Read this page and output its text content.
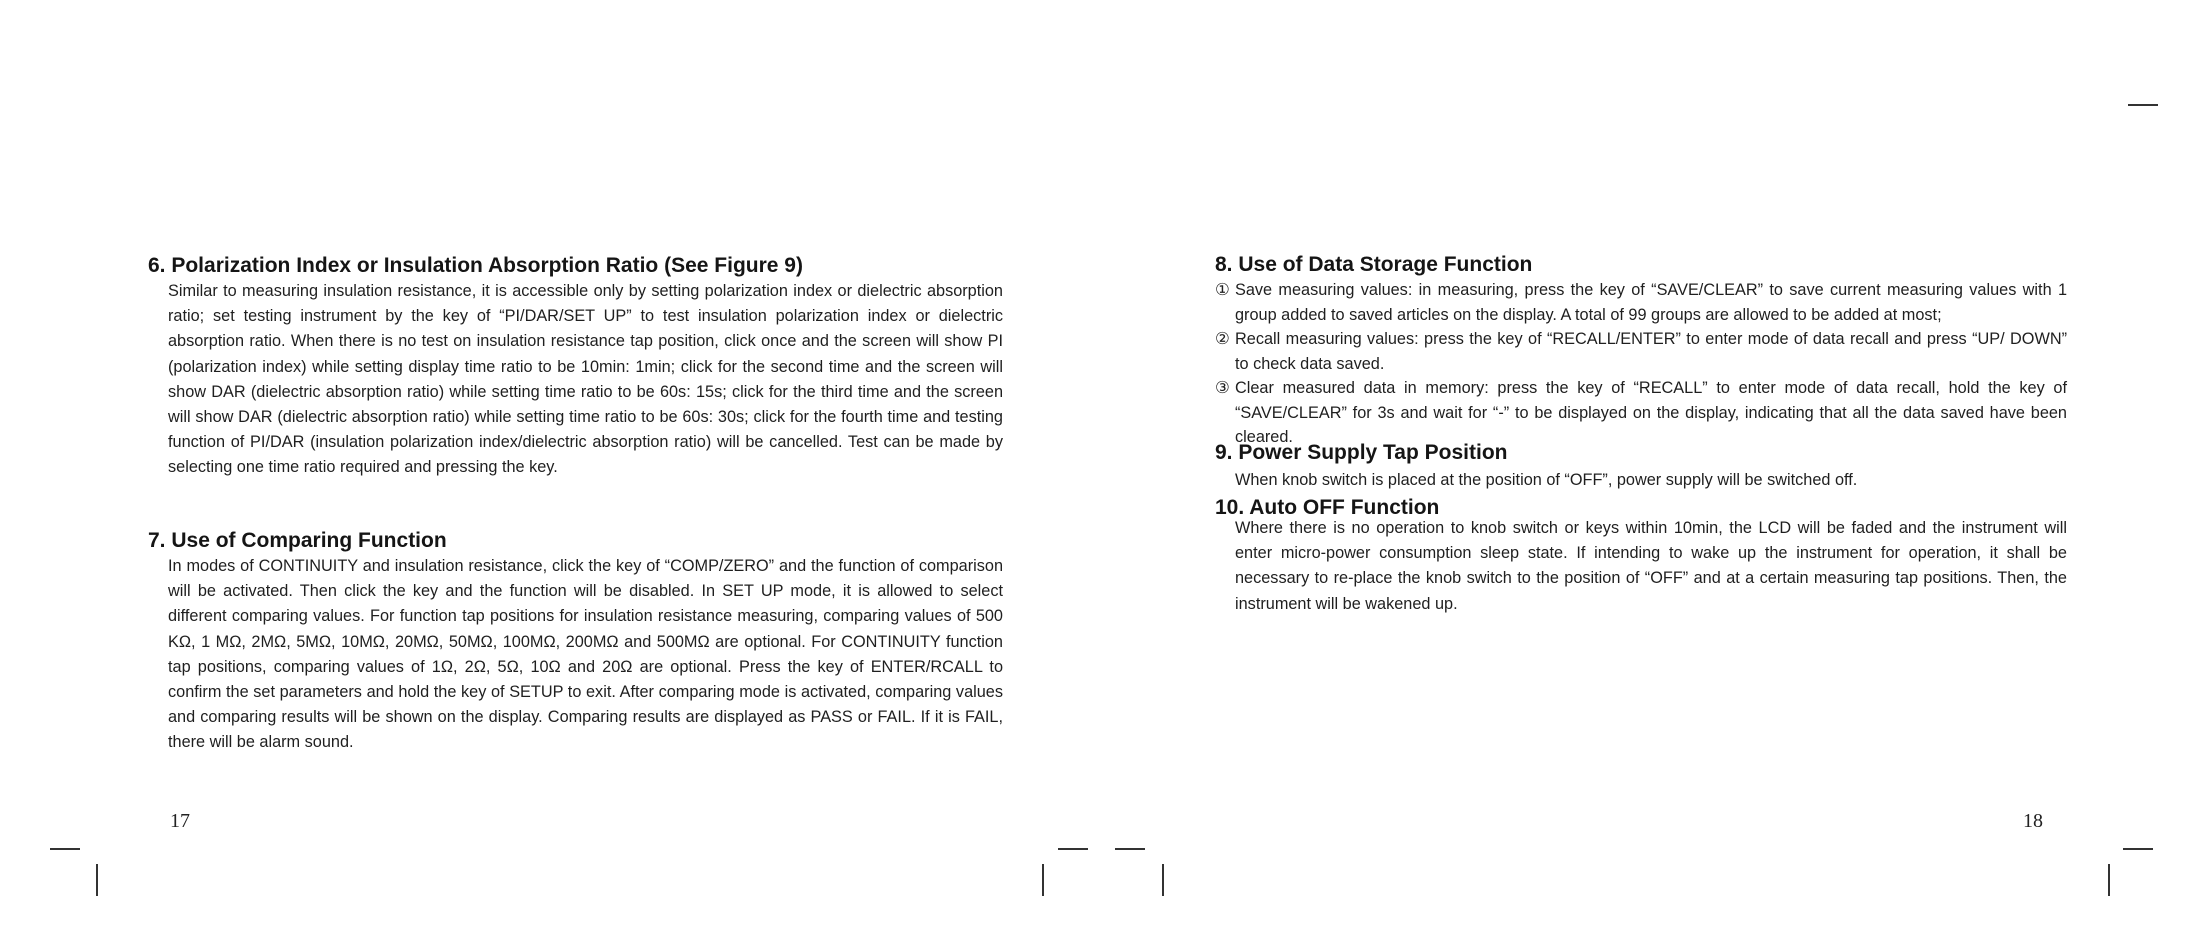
6. Polarization Index or Insulation Absorption Ratio (See Figure 9)

Similar to measuring insulation resistance, it is accessible only by setting polarization index or dielectric absorption ratio; set testing instrument by the key of “PI/DAR/SET UP” to test insulation polarization index or dielectric absorption ratio. When there is no test on insulation resistance tap position, click once and the screen will show PI (polarization index) while setting display time ratio to be 10min: 1min; click for the second time and the screen will show DAR (dielectric absorption ratio) while setting time ratio to be 60s: 15s; click for the third time and the screen will show DAR (dielectric absorption ratio) while setting time ratio to be 60s: 30s; click for the fourth time and testing function of PI/DAR (insulation polarization index/dielectric absorption ratio) will be cancelled. Test can be made by selecting one time ratio required and pressing the key.

7. Use of Comparing Function

In modes of CONTINUITY and insulation resistance, click the key of “COMP/ZERO” and the function of comparison will be activated. Then click the key and the function will be disabled. In SET UP mode, it is allowed to select different comparing values. For function tap positions for insulation resistance measuring, comparing values of 500 KΩ, 1 MΩ, 2MΩ, 5MΩ, 10MΩ, 20MΩ, 50MΩ, 100MΩ, 200MΩ and 500MΩ are optional. For CONTINUITY function tap positions, comparing values of 1Ω, 2Ω, 5Ω, 10Ω and 20Ω are optional. Press the key of ENTER/RCALL to confirm the set parameters and hold the key of SETUP to exit. After comparing mode is activated, comparing values and comparing results will be shown on the display. Comparing results are displayed as PASS or FAIL. If it is FAIL, there will be alarm sound.

17
8. Use of Data Storage Function
① Save measuring values: in measuring, press the key of “SAVE/CLEAR” to save current measuring values with 1 group added to saved articles on the display. A total of 99 groups are allowed to be added at most;
② Recall measuring values: press the key of “RECALL/ENTER” to enter mode of data recall and press “UP/ DOWN” to check data saved.
③ Clear measured data in memory: press the key of “RECALL” to enter mode of data recall, hold the key of “SAVE/CLEAR” for 3s and wait for “-” to be displayed on the display, indicating that all the data saved have been cleared.
9. Power Supply Tap Position

When knob switch is placed at the position of “OFF”, power supply will be switched off.

10. Auto OFF Function

Where there is no operation to knob switch or keys within 10min, the LCD will be faded and the instrument will enter micro-power consumption sleep state. If intending to wake up the instrument for operation, it shall be necessary to re-place the knob switch to the position of “OFF” and at a certain measuring tap positions. Then, the instrument will be wakened up.

18
